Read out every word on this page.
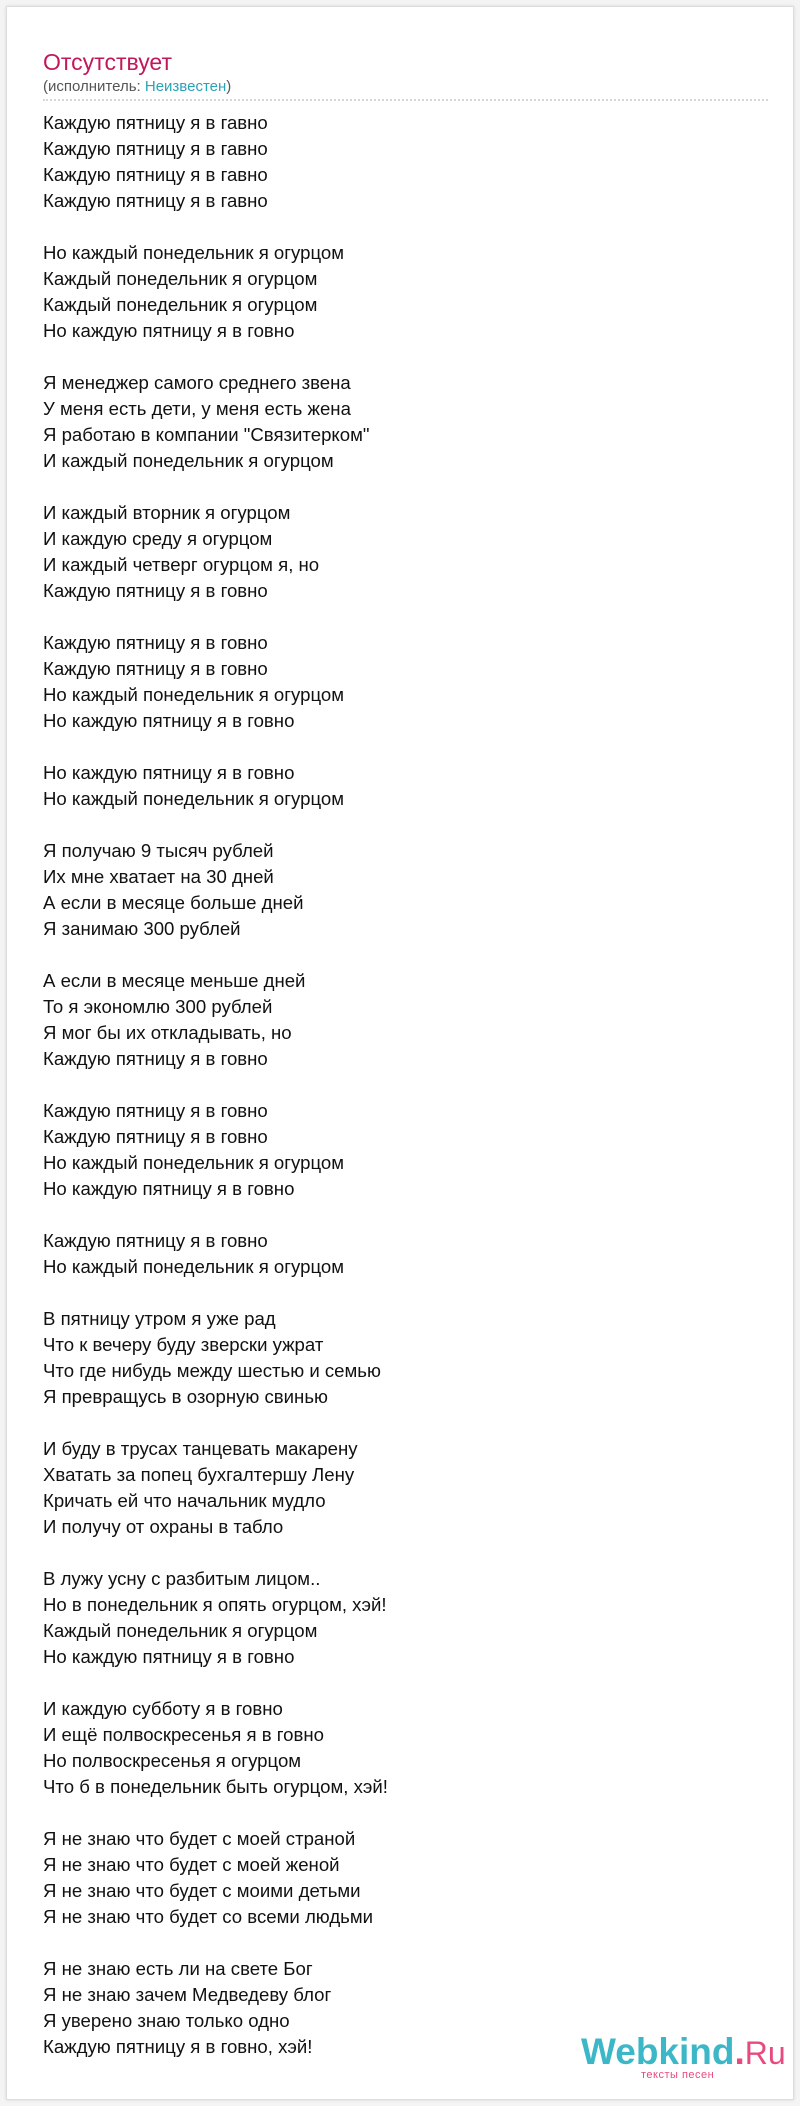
Отсутствует
(исполнитель: Неизвестен)
Каждую пятницу я в гавно
Каждую пятницу я в гавно
Каждую пятницу я в гавно
Каждую пятницу я в гавно
Но каждый понедельник я огурцом
Каждый понедельник я огурцом
Каждый понедельник я огурцом
Но каждую пятницу я в говно
Я менеджер самого среднего звена
У меня есть дети, у меня есть жена
Я работаю в компании "Связитерком"
И каждый понедельник я огурцом
И каждый вторник я огурцом
И каждую среду я огурцом
И каждый четверг огурцом я, но
Каждую пятницу я в говно
Каждую пятницу я в говно
Каждую пятницу я в говно
Но каждый понедельник я огурцом
Но каждую пятницу я в говно
Но каждую пятницу я в говно
Но каждый понедельник я огурцом
Я получаю 9 тысяч рублей
Их мне хватает на 30 дней
А если в месяце больше дней
Я занимаю 300 рублей
А если в месяце меньше дней
То я экономлю 300 рублей
Я мог бы их откладывать, но
Каждую пятницу я в говно
Каждую пятницу я в говно
Каждую пятницу я в говно
Но каждый понедельник я огурцом
Но каждую пятницу я в говно
Каждую пятницу я в говно
Но каждый понедельник я огурцом
В пятницу утром я уже рад
Что к вечеру буду зверски ужрат
Что где нибудь между шестью и семью
Я превращусь в озорную свинью
И буду в трусах танцевать макарену
Хватать за попец бухгалтершу Лену
Кричать ей что начальник мудло
И получу от охраны в табло
В лужу усну с разбитым лицом..
Но в понедельник я опять огурцом, хэй!
Каждый понедельник я огурцом
Но каждую пятницу я в говно
И каждую субботу я в говно
И ещё полвоскресенья я в говно
Но полвоскресенья я огурцом
Что б в понедельник быть огурцом, хэй!
Я не знаю что будет с моей страной
Я не знаю что будет с моей женой
Я не знаю что будет с моими детьми
Я не знаю что будет со всеми людьми
Я не знаю есть ли на свете Бог
Я не знаю зачем Медведеву блог
Я уверено знаю только одно
Каждую пятницу я в говно, хэй!	Webkind.Ru
тексты песен
